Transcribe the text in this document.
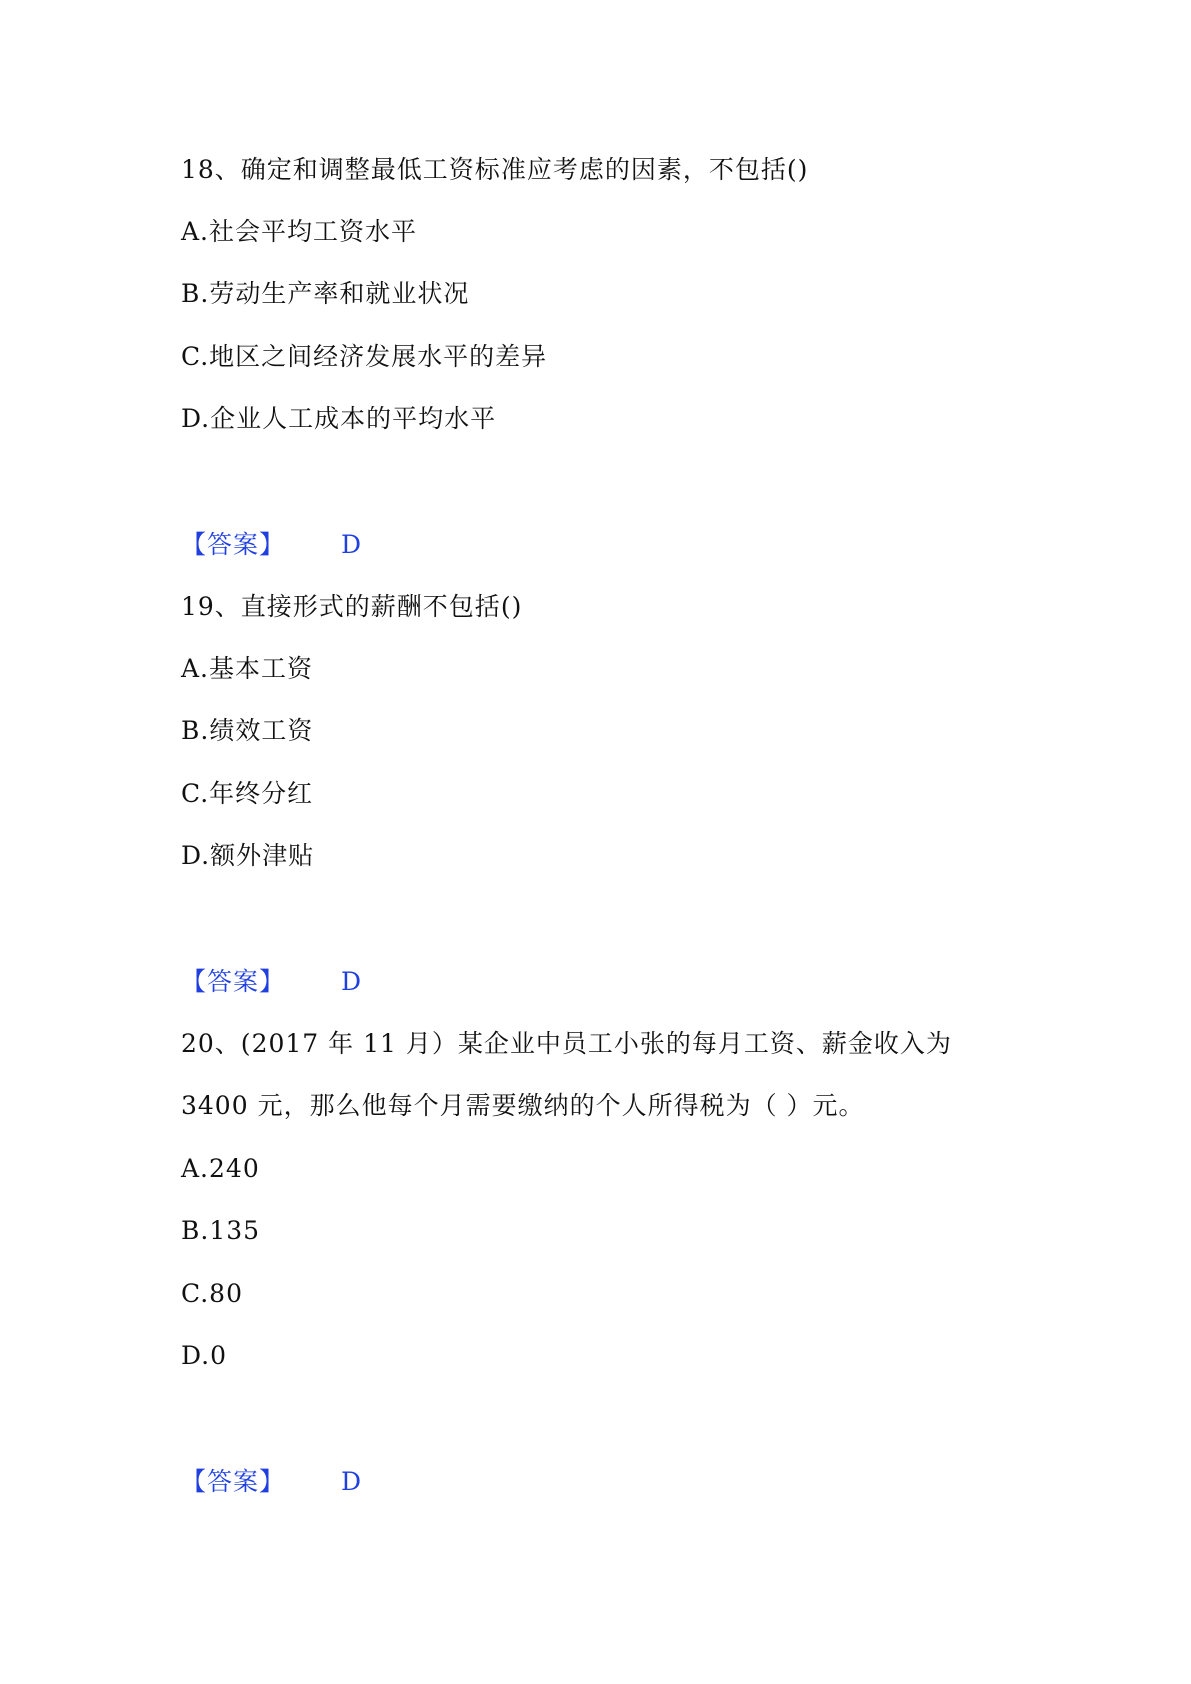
18、确定和调整最低工资标准应考虑的因素，不包括()
A.社会平均工资水平
B.劳动生产率和就业状况
C.地区之间经济发展水平的差异
D.企业人工成本的平均水平
【答案】 D
19、直接形式的薪酬不包括()
A.基本工资
B.绩效工资
C.年终分红
D.额外津贴
【答案】 D
20、(2017 年 11 月）某企业中员工小张的每月工资、薪金收入为
3400 元，那么他每个月需要缴纳的个人所得税为（ ）元。
A.240
B.135
C.80
D.0
【答案】 D
